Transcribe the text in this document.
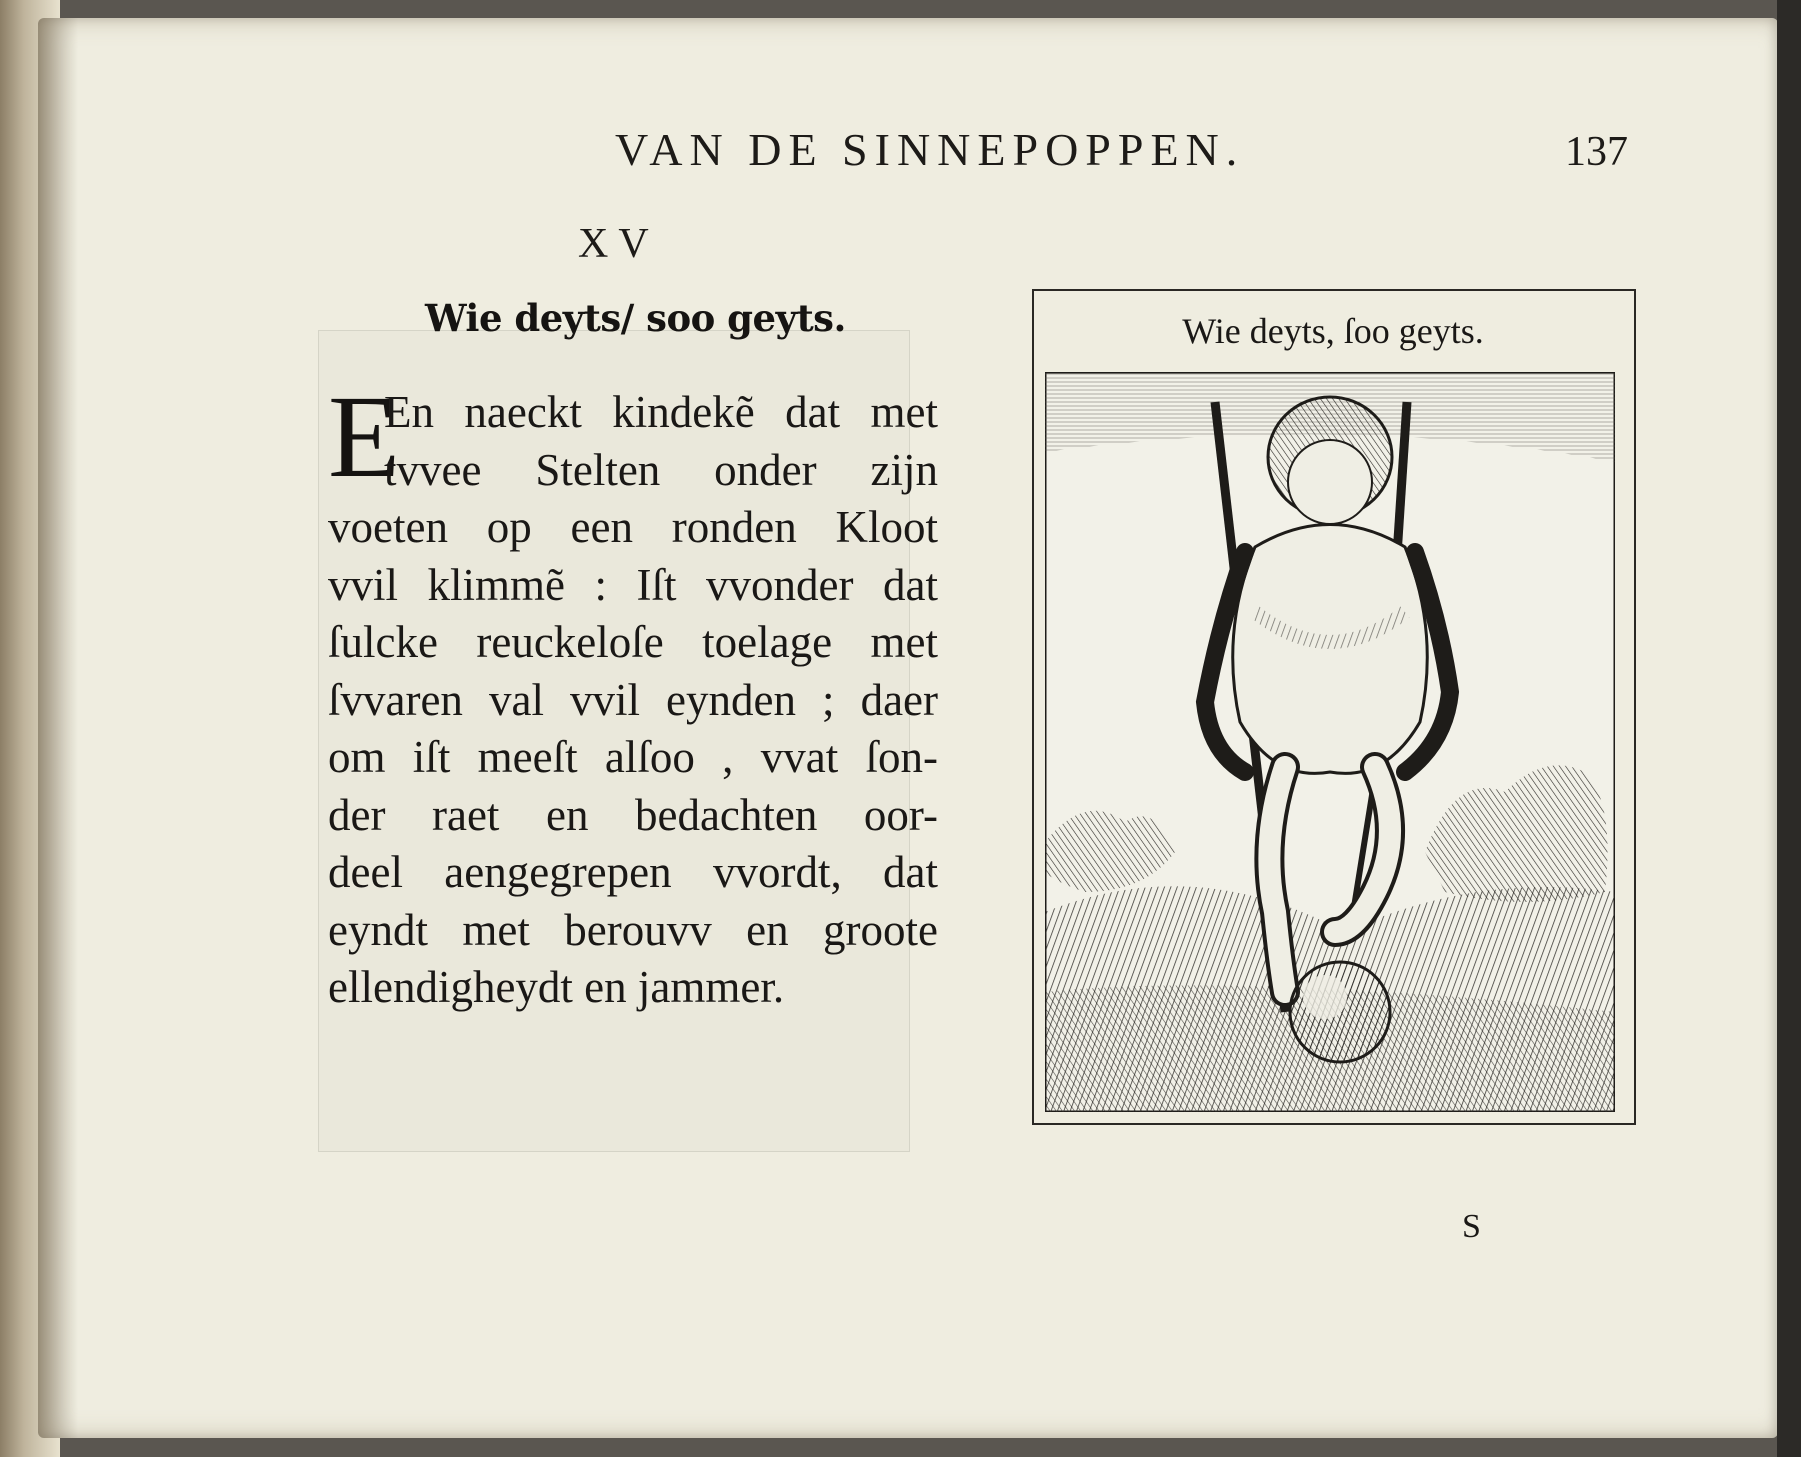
VAN DE SINNEPOPPEN.	137
XV
Wie deyts/ soo geyts.
E
En naeckt kindekẽ dat met
tvvee Stelten onder zijn
voeten op een ronden Kloot
vvil klimmẽ : Iſt vvonder dat
ſulcke reuckeloſe toelage met
ſvvaren val vvil eynden ; daer
om iſt meeſt alſoo , vvat ſon-
der raet en bedachten oor-
deel aengegrepen vvordt, dat
eyndt met berouvv en groote
ellendigheydt en jammer.
Wie deyts, ſoo geyts.
S
